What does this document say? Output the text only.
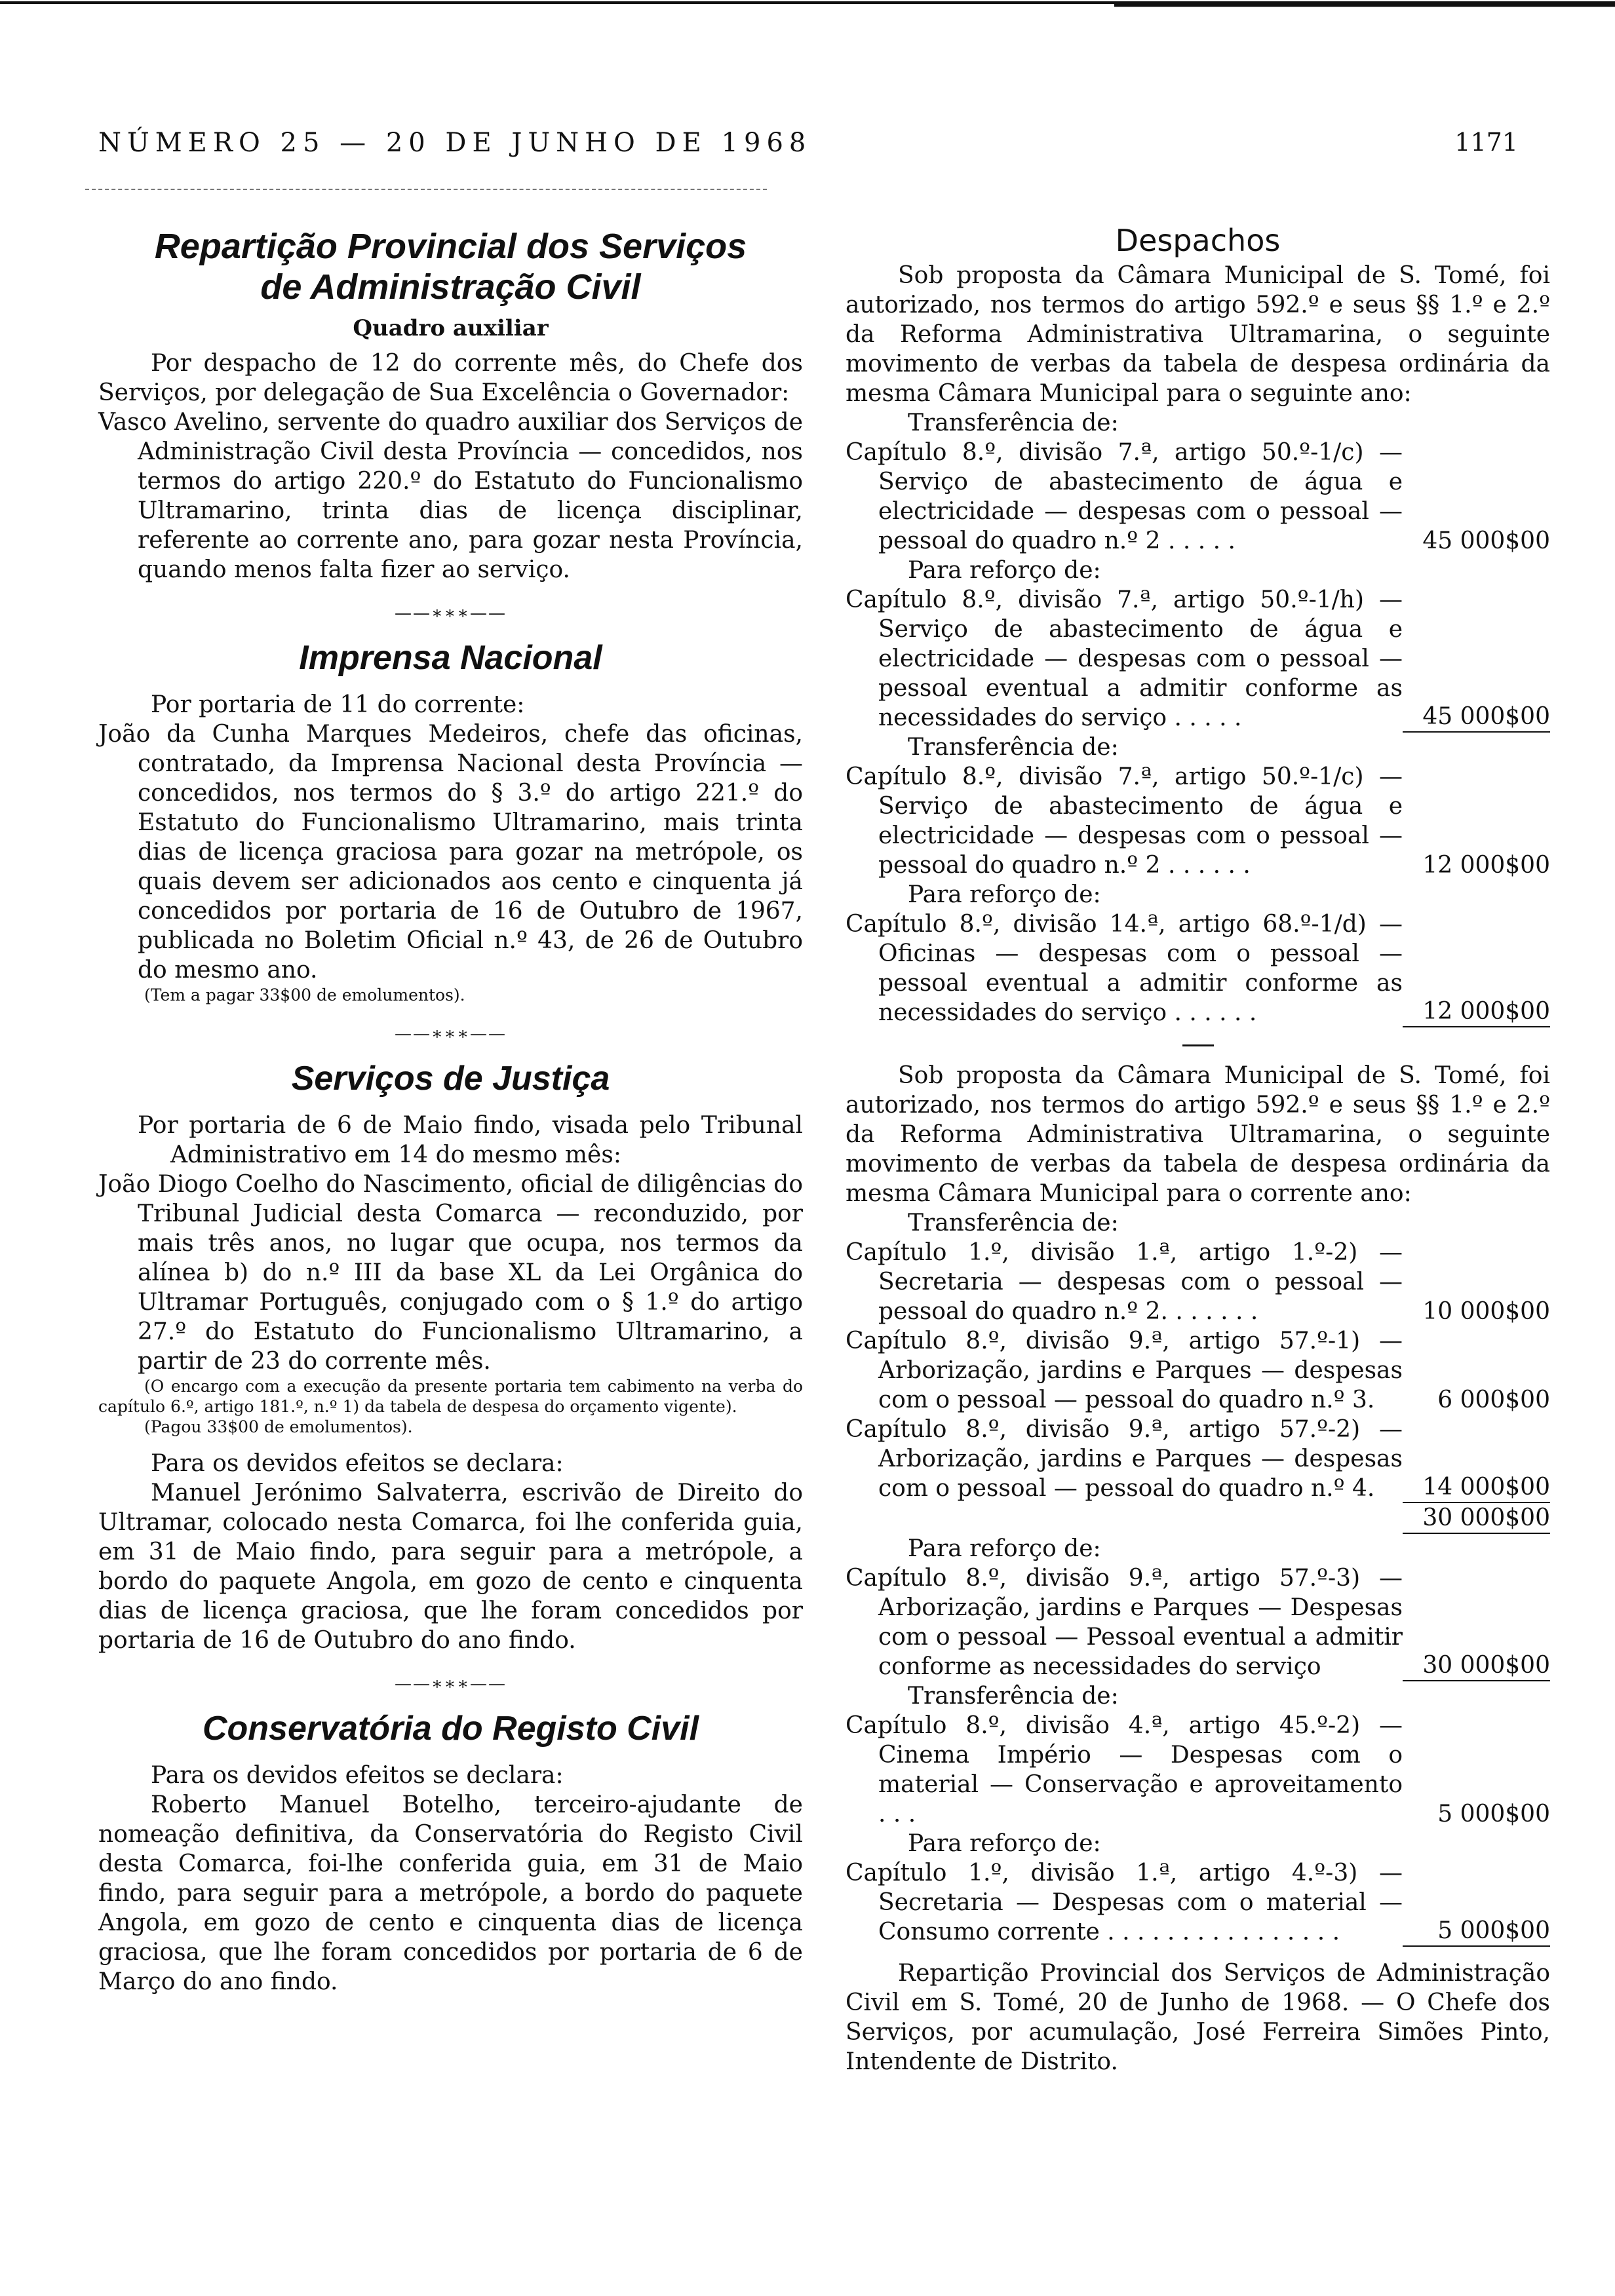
NÚMERO 25 — 20 DE JUNHO DE 1968	1171

Repartição Provincial dos Serviços

de Administração Civil

Quadro auxiliar

Por despacho de 12 do corrente mês, do Chefe dos Serviços, por delegação de Sua Excelência o Governador:

Vasco Avelino, servente do quadro auxiliar dos Serviços de Administração Civil desta Província — concedidos, nos termos do artigo 220.º do Estatuto do Funcionalismo Ultramarino, trinta dias de licença disciplinar, referente ao corrente ano, para gozar nesta Província, quando menos falta fizer ao serviço.

——∗∗∗——

Imprensa Nacional

Por portaria de 11 do corrente:

João da Cunha Marques Medeiros, chefe das oficinas, contratado, da Imprensa Nacional desta Província — concedidos, nos termos do § 3.º do artigo 221.º do Estatuto do Funcionalismo Ultramarino, mais trinta dias de licença graciosa para gozar na metrópole, os quais devem ser adicionados aos cento e cinquenta já concedidos por portaria de 16 de Outubro de 1967, publicada no Boletim Oficial n.º 43, de 26 de Outubro do mesmo ano.

(Tem a pagar 33$00 de emolumentos).

——∗∗∗——

Serviços de Justiça

Por portaria de 6 de Maio findo, visada pelo Tribunal Administrativo em 14 do mesmo mês:

João Diogo Coelho do Nascimento, oficial de diligências do Tribunal Judicial desta Comarca — reconduzido, por mais três anos, no lugar que ocupa, nos termos da alínea b) do n.º III da base XL da Lei Orgânica do Ultramar Português, conjugado com o § 1.º do artigo 27.º do Estatuto do Funcionalismo Ultramarino, a partir de 23 do corrente mês.

(O encargo com a execução da presente portaria tem cabimento na verba do capítulo 6.º, artigo 181.º, n.º 1) da tabela de despesa do orçamento vigente).

(Pagou 33$00 de emolumentos).

Para os devidos efeitos se declara:

Manuel Jerónimo Salvaterra, escrivão de Direito do Ultramar, colocado nesta Comarca, foi lhe conferida guia, em 31 de Maio findo, para seguir para a metrópole, a bordo do paquete Angola, em gozo de cento e cinquenta dias de licença graciosa, que lhe foram concedidos por portaria de 16 de Outubro do ano findo.

——∗∗∗——

Conservatória do Registo Civil

Para os devidos efeitos se declara:

Roberto Manuel Botelho, terceiro-ajudante de nomeação definitiva, da Conservatória do Registo Civil desta Comarca, foi-lhe conferida guia, em 31 de Maio findo, para seguir para a metrópole, a bordo do paquete Angola, em gozo de cento e cinquenta dias de licença graciosa, que lhe foram concedidos por portaria de 6 de Março do ano findo.

Despachos

Sob proposta da Câmara Municipal de S. Tomé, foi autorizado, nos termos do artigo 592.º e seus §§ 1.º e 2.º da Reforma Administrativa Ultramarina, o seguinte movimento de verbas da tabela de despesa ordinária da mesma Câmara Municipal para o seguinte ano:

Transferência de:

Capítulo 8.º, divisão 7.ª, artigo 50.º-1/c) — Serviço de abastecimento de água e electricidade — despesas com o pessoal — pessoal do quadro n.º 2 . . . . .	45 000$00

Para reforço de:

Capítulo 8.º, divisão 7.ª, artigo 50.º-1/h) — Serviço de abastecimento de água e electricidade — despesas com o pessoal — pessoal eventual a admitir conforme as necessidades do serviço . . . . .	45 000$00

Transferência de:

Capítulo 8.º, divisão 7.ª, artigo 50.º-1/c) — Serviço de abastecimento de água e electricidade — despesas com o pessoal — pessoal do quadro n.º 2 . . . . . .	12 000$00

Para reforço de:

Capítulo 8.º, divisão 14.ª, artigo 68.º-1/d) — Oficinas — despesas com o pessoal — pessoal eventual a admitir conforme as necessidades do serviço . . . . . .	12 000$00

Sob proposta da Câmara Municipal de S. Tomé, foi autorizado, nos termos do artigo 592.º e seus §§ 1.º e 2.º da Reforma Administrativa Ultramarina, o seguinte movimento de verbas da tabela de despesa ordinária da mesma Câmara Municipal para o corrente ano:

Transferência de:

Capítulo 1.º, divisão 1.ª, artigo 1.º-2) — Secretaria — despesas com o pessoal — pessoal do quadro n.º 2. . . . . . .	10 000$00
Capítulo 8.º, divisão 9.ª, artigo 57.º-1) — Arborização, jardins e Parques — despesas com o pessoal — pessoal do quadro n.º 3.	6 000$00
Capítulo 8.º, divisão 9.ª, artigo 57.º-2) — Arborização, jardins e Parques — despesas com o pessoal — pessoal do quadro n.º 4.	14 000$00
30 000$00

Para reforço de:

Capítulo 8.º, divisão 9.ª, artigo 57.º-3) — Arborização, jardins e Parques — Despesas com o pessoal — Pessoal eventual a admitir conforme as necessidades do serviço	30 000$00

Transferência de:

Capítulo 8.º, divisão 4.ª, artigo 45.º-2) — Cinema Império — Despesas com o material — Conservação e aproveitamento . . .	5 000$00

Para reforço de:

Capítulo 1.º, divisão 1.ª, artigo 4.º-3) — Secretaria — Despesas com o material — Consumo corrente . . . . . . . . . . . . . . . .	5 000$00

Repartição Provincial dos Serviços de Administração Civil em S. Tomé, 20 de Junho de 1968. — O Chefe dos Serviços, por acumulação, José Ferreira Simões Pinto, Intendente de Distrito.
